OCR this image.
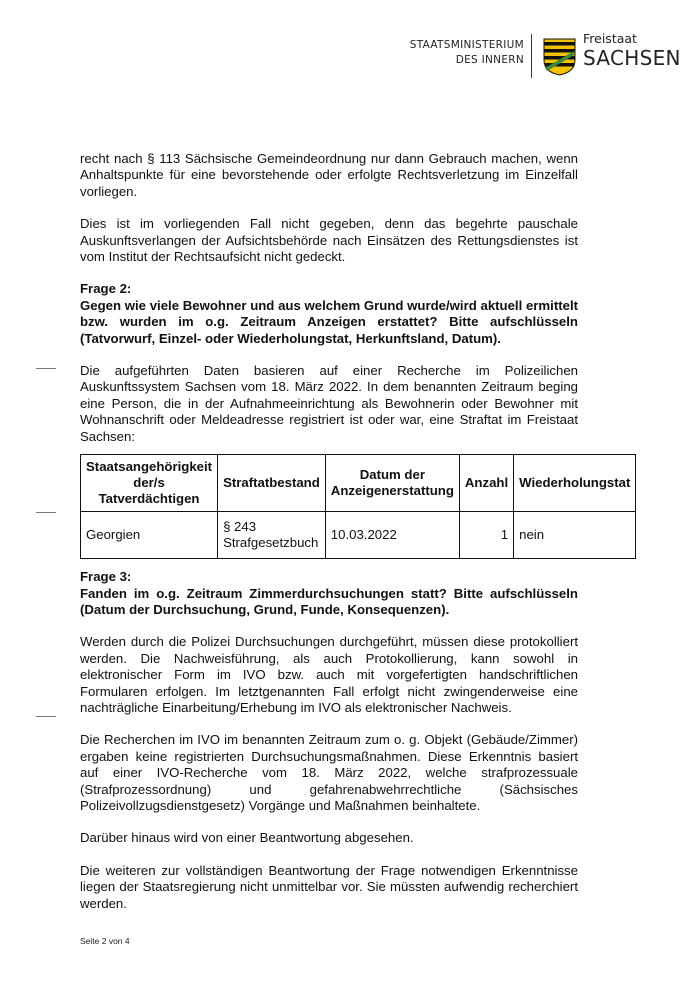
STAATSMINISTERIUM
DES INNERN
Freistaat
SACHSEN

recht nach § 113 Sächsische Gemeindeordnung nur dann Gebrauch machen, wenn Anhaltspunkte für eine bevorstehende oder erfolgte Rechtsverletzung im Einzelfall vorliegen.

Dies ist im vorliegenden Fall nicht gegeben, denn das begehrte pauschale Auskunftsverlangen der Aufsichtsbehörde nach Einsätzen des Rettungsdienstes ist vom Institut der Rechtsaufsicht nicht gedeckt.

Frage 2:
Gegen wie viele Bewohner und aus welchem Grund wurde/wird aktuell ermittelt bzw. wurden im o.g. Zeitraum Anzeigen erstattet? Bitte aufschlüsseln (Tatvorwurf, Einzel- oder Wiederholungstat, Herkunftsland, Datum).

Die aufgeführten Daten basieren auf einer Recherche im Polizeilichen Auskunftssystem Sachsen vom 18. März 2022. In dem benannten Zeitraum beging eine Person, die in der Aufnahmeeinrichtung als Bewohnerin oder Bewohner mit Wohnanschrift oder Meldeadresse registriert ist oder war, eine Straftat im Freistaat Sachsen:

Staatsangehörigkeit der/s Tatverdächtigen	Straftatbestand	Datum der Anzeigenerstattung	Anzahl	Wiederholungstat
Georgien	§ 243 Strafgesetzbuch	10.03.2022	1	nein
Frage 3:
Fanden im o.g. Zeitraum Zimmerdurchsuchungen statt? Bitte aufschlüsseln (Datum der Durchsuchung, Grund, Funde, Konsequenzen).

Werden durch die Polizei Durchsuchungen durchgeführt, müssen diese protokolliert werden. Die Nachweisführung, als auch Protokollierung, kann sowohl in elektronischer Form im IVO bzw. auch mit vorgefertigten handschriftlichen Formularen erfolgen. Im letztgenannten Fall erfolgt nicht zwingenderweise eine nachträgliche Einarbeitung/Erhebung im IVO als elektronischer Nachweis.

Die Recherchen im IVO im benannten Zeitraum zum o. g. Objekt (Gebäude/Zimmer) ergaben keine registrierten Durchsuchungsmaßnahmen. Diese Erkenntnis basiert auf einer IVO-Recherche vom 18. März 2022, welche strafprozessuale (Strafprozessordnung) und gefahrenabwehrrechtliche (Sächsisches Polizeivollzugsdienstgesetz) Vorgänge und Maßnahmen beinhaltete.

Darüber hinaus wird von einer Beantwortung abgesehen.

Die weiteren zur vollständigen Beantwortung der Frage notwendigen Erkenntnisse liegen der Staatsregierung nicht unmittelbar vor. Sie müssten aufwendig recherchiert werden.

Seite 2 von 4
